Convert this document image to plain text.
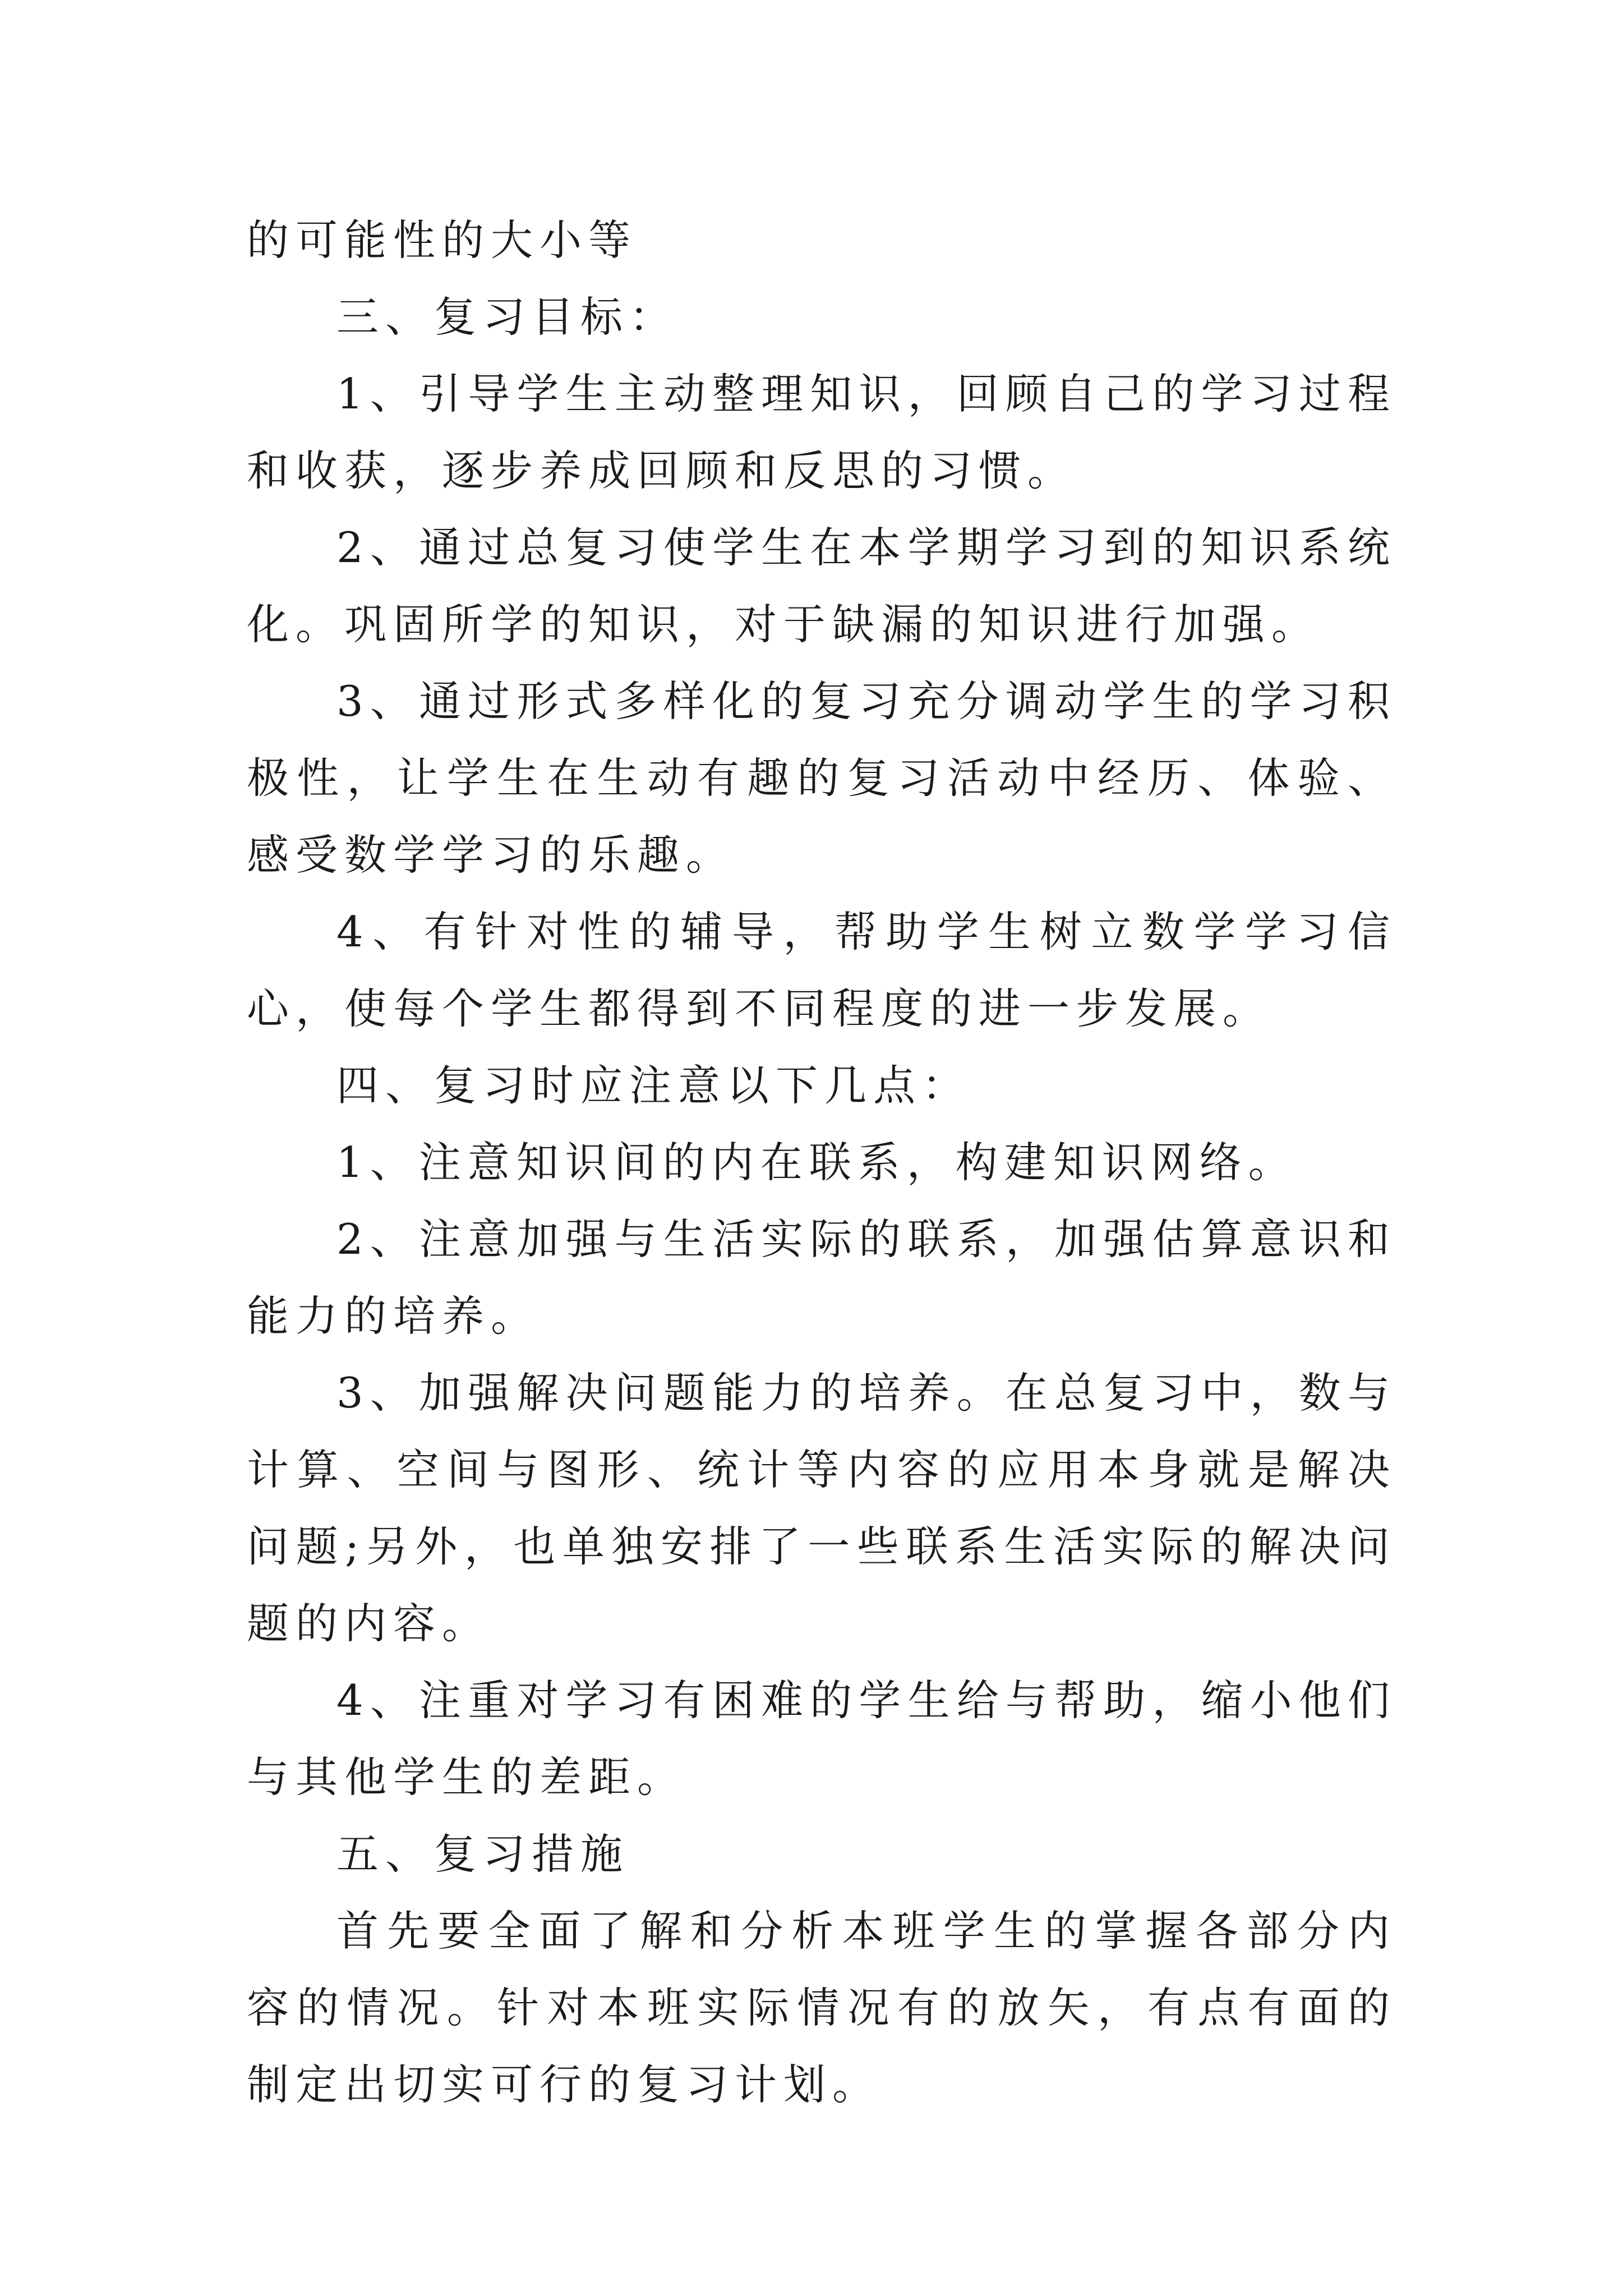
的可能性的大小等

三、复习目标：

1、引导学生主动整理知识，回顾自己的学习过程和收获，逐步养成回顾和反思的习惯。

2、通过总复习使学生在本学期学习到的知识系统化。巩固所学的知识，对于缺漏的知识进行加强。

3、通过形式多样化的复习充分调动学生的学习积极性，让学生在生动有趣的复习活动中经历、体验、感受数学学习的乐趣。

4、有针对性的辅导，帮助学生树立数学学习信心，使每个学生都得到不同程度的进一步发展。

四、复习时应注意以下几点：

1、注意知识间的内在联系，构建知识网络。

2、注意加强与生活实际的联系，加强估算意识和能力的培养。

3、加强解决问题能力的培养。在总复习中，数与计算、空间与图形、统计等内容的应用本身就是解决问题;另外，也单独安排了一些联系生活实际的解决问题的内容。

4、注重对学习有困难的学生给与帮助，缩小他们与其他学生的差距。

五、复习措施

首先要全面了解和分析本班学生的掌握各部分内容的情况。针对本班实际情况有的放矢，有点有面的制定出切实可行的复习计划。
